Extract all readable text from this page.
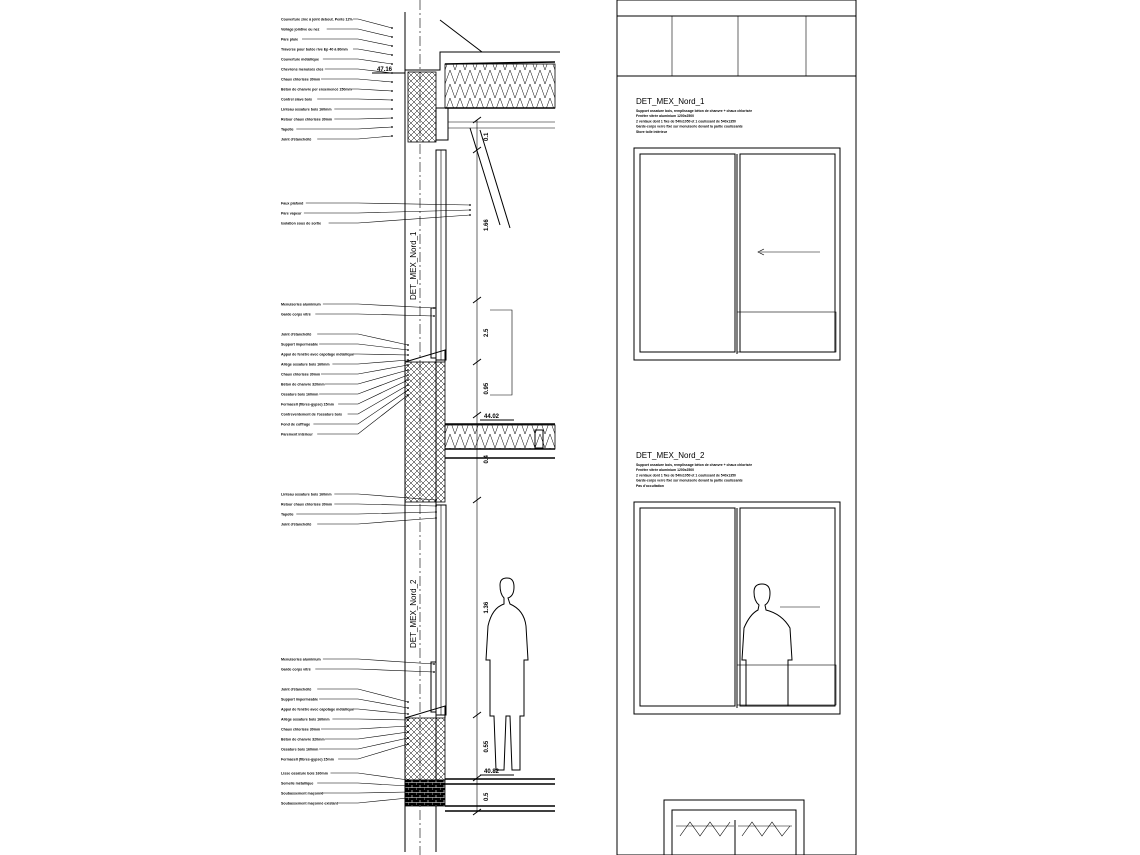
Couverture zinc à joint debout. Pente 12%
Voilage jointive ou nez
Pare pluie
Traverse pour butée rive Ep 40 à 80mm
Couverture métallique
Chevrons menuisés clos
Chaux chlorisée 30mm
Béton de chanvre per ensemencé 150mm
Contrel slave bois
Linteau ossature bois 160mm
Retour chaux chlorisée 30mm
Tapotie
Joint d'étanchéité
Faux plafond
Pare vapeur
Isolation sous de sortie
Menuiseries aluminium
Garde corps vitré
Joint d'étanchéité
Support imperméable
Appui de fenêtre avec capotage métallique
Allège ossature bois 160mm
Chaux chlorisée 30mm
Béton de chanvre 320mm
Ossature bois 160mm
Fermacell (fibres-gypse) 15mm
Contreventement de l'ossature bois
Fond de coffrage
Parement intérieur
Linteau ossature bois 160mm
Retour chaux chlorisée 30mm
Tapotie
Joint d'étanchéité
Menuiseries aluminium
Garde corps vitré
Joint d'étanchéité
Support imperméable
Appui de fenêtre avec capotage métallique
Allège ossature bois 160mm
Chaux chlorisée 30mm
Béton de chanvre 320mm
Ossature bois 160mm
Fermacell (fibres-gypse) 15mm
Lisse ossature bois 160mm
Semelle métallique
Soubassement maçonné
Soubassement maçonné existant
47.16
DET_MEX_Nord_1
44.02
DET_MEX_Nord_2
40.82
0.1
1.66
2.5
0.95
0.4
1.36
0.55
0.5
DET_MEX_Nord_1
Support ossature bois, remplissage béton de chanvre + chaux chlorisée
Fenêtre vitrée aluminium 1200x2500
2 ventaux dont 1 fixe de 540x1050 et 1 coulissant de 540x1350
Garde-corps verre fixé sur menuiserie devant la partie coulissante
Store toile intérieur
DET_MEX_Nord_2
Support ossature bois, remplissage béton de chanvre + chaux chlorisée
Fenêtre vitrée aluminium 1200x2500
2 ventaux dont 1 fixe de 540x1050 et 1 coulissant de 540x1350
Garde-corps verre fixé sur menuiserie devant la partie coulissante
Pas d'occultation
